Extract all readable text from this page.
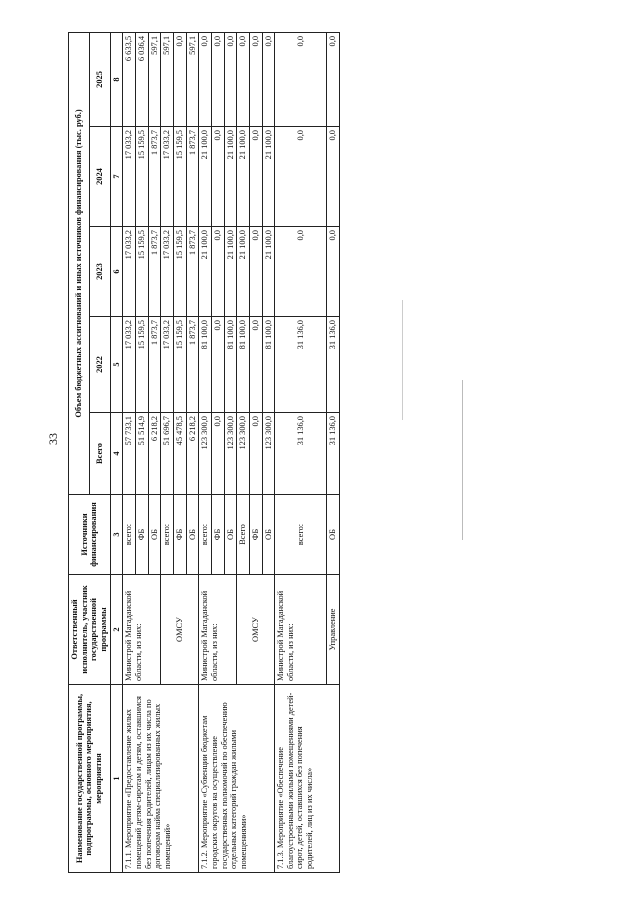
33
Наименование государственной программы, подпрограммы, основного мероприятия, мероприятия	Ответственный исполнитель, участник государственной программы	Источники финансирования	Объем бюджетных ассигнований и иных источников финансирования (тыс. руб.)				
			Всего	2022	2023	2024	2025
1	2	3	4	5	6	7	8
7.1.1. Мероприятие «Предоставление жилых помещений детям-сиротам и детям, оставшимся без попечения родителей, лицам из их числа по договорам найма специализированных жилых помещений»	Министрой Магаданской области, из них:	всего:	57 733,1	17 033,2	17 033,2	17 033,2	6 633,5
		ФБ	51 514,9	15 159,5	15 159,5	15 159,5	6 036,4
		ОБ	6 218,2	1 873,7	1 873,7	1 873,7	597,1
	ОМСУ	всего:	51 696,7	17 033,2	17 033,2	17 033,2	597,1
		ФБ	45 478,5	15 159,5	15 159,5	15 159,5	0,0
		ОБ	6 218,2	1 873,7	1 873,7	1 873,7	597,1
7.1.2. Мероприятие «Субвенции бюджетам городских округов на осуществление государственных полномочий по обеспечению отдельных категорий граждан жилыми помещениями»	Министрой Магаданской области, из них:	всего:	123 300,0	81 100,0	21 100,0	21 100,0	0,0
		ФБ	0,0	0,0	0,0	0,0	0,0
		ОБ	123 300,0	81 100,0	21 100,0	21 100,0	0,0
	ОМСУ	Всего	123 300,0	81 100,0	21 100,0	21 100,0	0,0
		ФБ	0,0	0,0	0,0	0,0	0,0
		ОБ	123 300,0	81 100,0	21 100,0	21 100,0	0,0
7.1.3. Мероприятие «Обеспечение благоустроенными жилыми помещениями детей-сирот, детей, оставшихся без попечения родителей, лиц из их числа»	Министрой Магаданской области, из них:	всего:	31 136,0	31 136,0	0,0	0,0	0,0
	Управление	ОБ	31 136,0	31 136,0	0,0	0,0	0,0
